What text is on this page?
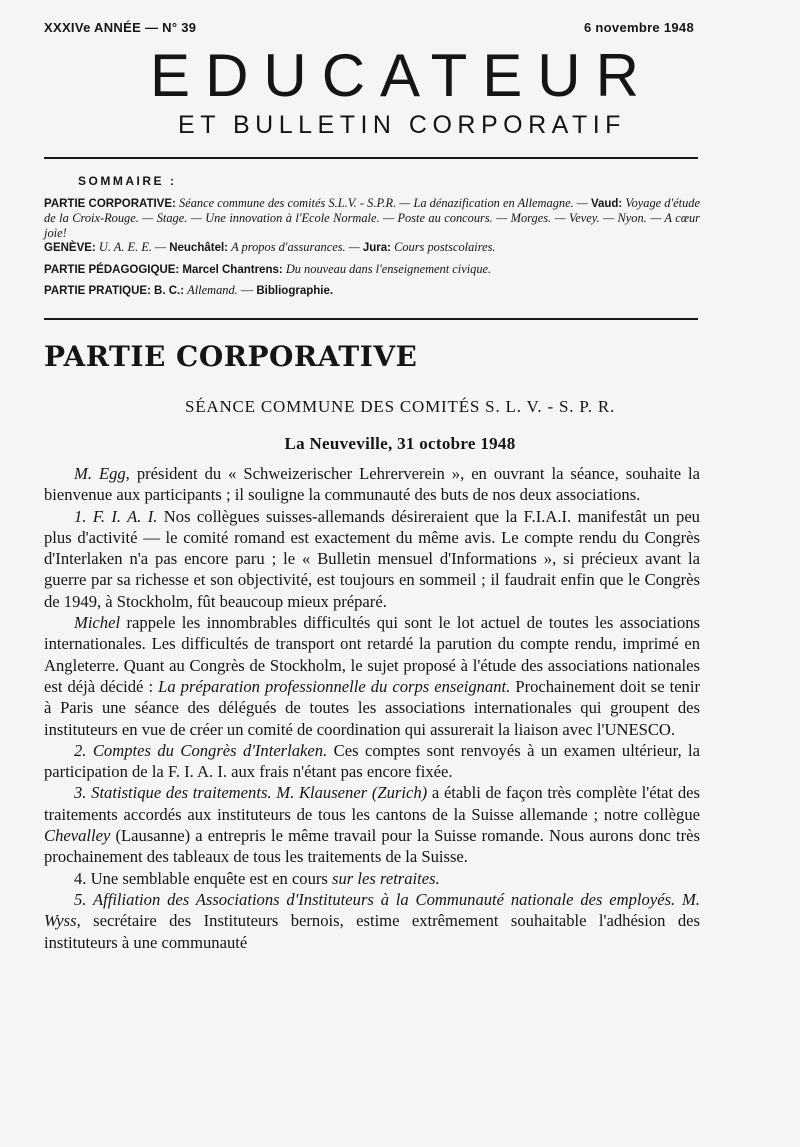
XXXIVe ANNÉE — N° 39	6 novembre 1948
EDUCATEUR
ET BULLETIN CORPORATIF
SOMMAIRE :
PARTIE CORPORATIVE: Séance commune des comités S.L.V. - S.P.R. — La dénazification en Allemagne. — Vaud: Voyage d'étude de la Croix-Rouge. — Stage. — Une innovation à l'Ecole Normale. — Poste au concours. — Morges. — Vevey. — Nyon. — A cœur joie!
GENÈVE: U. A. E. E. — Neuchâtel: A propos d'assurances. — Jura: Cours postscolaires.
PARTIE PÉDAGOGIQUE: Marcel Chantrens: Du nouveau dans l'enseignement civique.
PARTIE PRATIQUE: B. C.: Allemand. — Bibliographie.
PARTIE CORPORATIVE
SÉANCE COMMUNE DES COMITÉS S. L. V. - S. P. R.
La Neuveville, 31 octobre 1948

M. Egg, président du « Schweizerischer Lehrerverein », en ouvrant la séance, souhaite la bienvenue aux participants ; il souligne la communauté des buts de nos deux associations.

1. F. I. A. I. Nos collègues suisses-allemands désireraient que la F.I.A.I. manifestât un peu plus d'activité — le comité romand est exactement du même avis. Le compte rendu du Congrès d'Interlaken n'a pas encore paru ; le « Bulletin mensuel d'Informations », si précieux avant la guerre par sa richesse et son objectivité, est toujours en sommeil ; il faudrait enfin que le Congrès de 1949, à Stockholm, fût beaucoup mieux préparé.

Michel rappele les innombrables difficultés qui sont le lot actuel de toutes les associations internationales. Les difficultés de transport ont retardé la parution du compte rendu, imprimé en Angleterre. Quant au Congrès de Stockholm, le sujet proposé à l'étude des associations nationales est déjà décidé : La préparation professionnelle du corps enseignant. Prochainement doit se tenir à Paris une séance des délégués de toutes les associations internationales qui groupent des instituteurs en vue de créer un comité de coordination qui assurerait la liaison avec l'UNESCO.

2. Comptes du Congrès d'Interlaken. Ces comptes sont renvoyés à un examen ultérieur, la participation de la F. I. A. I. aux frais n'étant pas encore fixée.

3. Statistique des traitements. M. Klausener (Zurich) a établi de façon très complète l'état des traitements accordés aux instituteurs de tous les cantons de la Suisse allemande ; notre collègue Chevalley (Lausanne) a entrepris le même travail pour la Suisse romande. Nous aurons donc très prochainement des tableaux de tous les traitements de la Suisse.

4. Une semblable enquête est en cours sur les retraites.

5. Affiliation des Associations d'Instituteurs à la Communauté nationale des employés. M. Wyss, secrétaire des Instituteurs bernois, estime extrêmement souhaitable l'adhésion des instituteurs à une communauté
